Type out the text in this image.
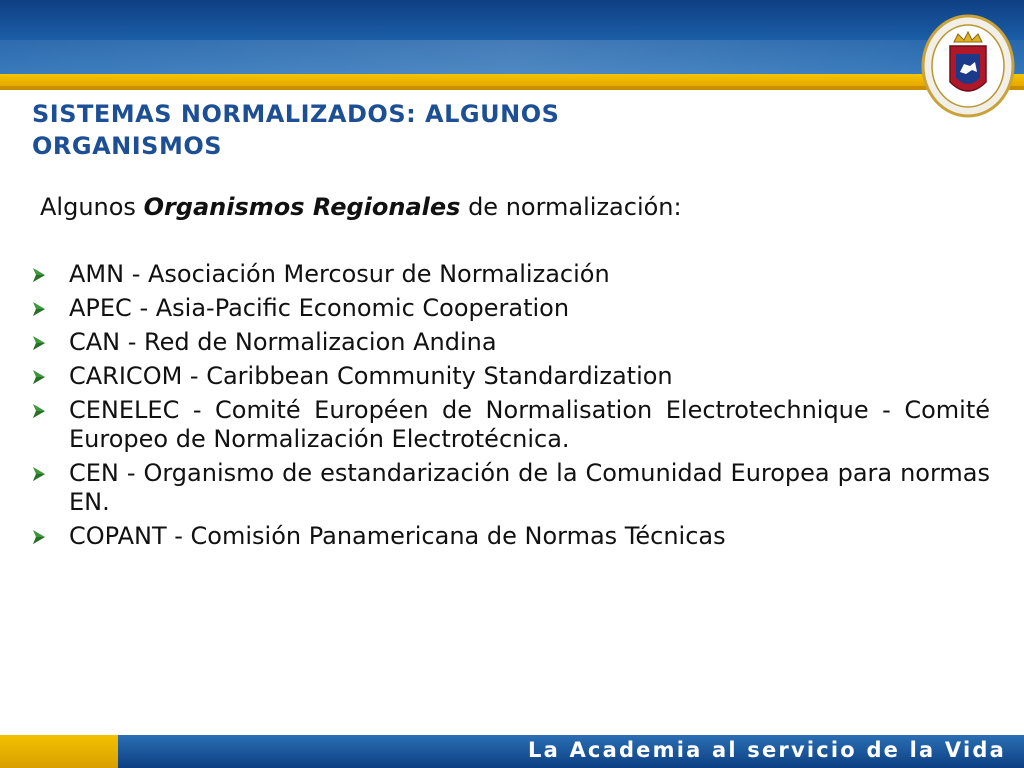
SISTEMAS NORMALIZADOS: ALGUNOS ORGANISMOS
Algunos Organismos Regionales de normalización:
AMN - Asociación Mercosur de Normalización
APEC - Asia-Pacific Economic Cooperation
CAN - Red de Normalizacion Andina
CARICOM - Caribbean Community Standardization
CENELEC - Comité Européen de Normalisation Electrotechnique - Comité Europeo de Normalización Electrotécnica.
CEN - Organismo de estandarización de la Comunidad Europea para normas EN.
COPANT - Comisión Panamericana de Normas Técnicas
La Academia al servicio de la Vida
